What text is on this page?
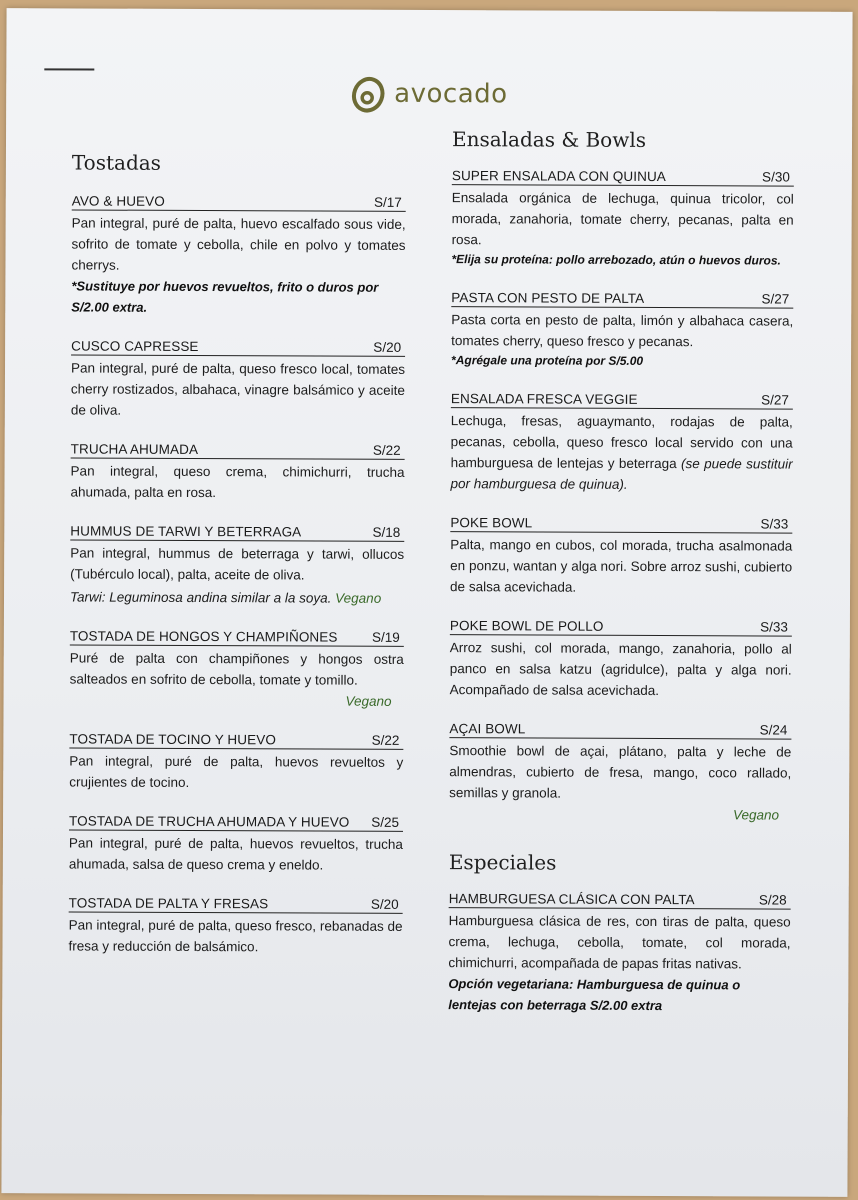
avocado
Tostadas
AVO & HUEVO	S/17
Pan integral, puré de palta, huevo escalfado sous vide, sofrito de tomate y cebolla, chile en polvo y tomates cherrys.
*Sustituye por huevos revueltos, frito o duros por S/2.00 extra.
CUSCO CAPRESSE	S/20
Pan integral, puré de palta, queso fresco local, tomates cherry rostizados, albahaca, vinagre balsámico y aceite de oliva.
TRUCHA AHUMADA	S/22
Pan integral, queso crema, chimichurri, trucha ahumada, palta en rosa.
HUMMUS DE TARWI Y BETERRAGA	S/18
Pan integral, hummus de beterraga y tarwi, ollucos (Tubérculo local), palta, aceite de oliva.
Tarwi: Leguminosa andina similar a la soya. Vegano
TOSTADA DE HONGOS Y CHAMPIÑONES	S/19
Puré de palta con champiñones y hongos ostra salteados en sofrito de cebolla, tomate y tomillo.
Vegano
TOSTADA DE TOCINO Y HUEVO	S/22
Pan integral, puré de palta, huevos revueltos y crujientes de tocino.
TOSTADA DE TRUCHA AHUMADA Y HUEVO S/25
Pan integral, puré de palta, huevos revueltos, trucha ahumada, salsa de queso crema y eneldo.
TOSTADA DE PALTA Y FRESAS	S/20
Pan integral, puré de palta, queso fresco, rebanadas de fresa y reducción de balsámico.
Ensaladas & Bowls
SUPER ENSALADA CON QUINUA	S/30
Ensalada orgánica de lechuga, quinua tricolor, col morada, zanahoria, tomate cherry, pecanas, palta en rosa.
*Elija su proteína: pollo arrebozado, atún o huevos duros.
PASTA CON PESTO DE PALTA	S/27
Pasta corta en pesto de palta, limón y albahaca casera, tomates cherry, queso fresco y pecanas.
*Agrégale una proteína por S/5.00
ENSALADA FRESCA VEGGIE	S/27
Lechuga, fresas, aguaymanto, rodajas de palta, pecanas, cebolla, queso fresco local servido con una hamburguesa de lentejas y beterraga (se puede sustituir por hamburguesa de quinua).
POKE BOWL	S/33
Palta, mango en cubos, col morada, trucha asalmonada en ponzu, wantan y alga nori. Sobre arroz sushi, cubierto de salsa acevichada.
POKE BOWL DE POLLO	S/33
Arroz sushi, col morada, mango, zanahoria, pollo al panco en salsa katzu (agridulce), palta y alga nori. Acompañado de salsa acevichada.
AÇAI BOWL	S/24
Smoothie bowl de açai, plátano, palta y leche de almendras, cubierto de fresa, mango, coco rallado, semillas y granola.
Vegano
Especiales
HAMBURGUESA CLÁSICA CON PALTA	S/28
Hamburguesa clásica de res, con tiras de palta, queso crema, lechuga, cebolla, tomate, col morada, chimichurri, acompañada de papas fritas nativas.
Opción vegetariana: Hamburguesa de quinua o lentejas con beterraga S/2.00 extra
